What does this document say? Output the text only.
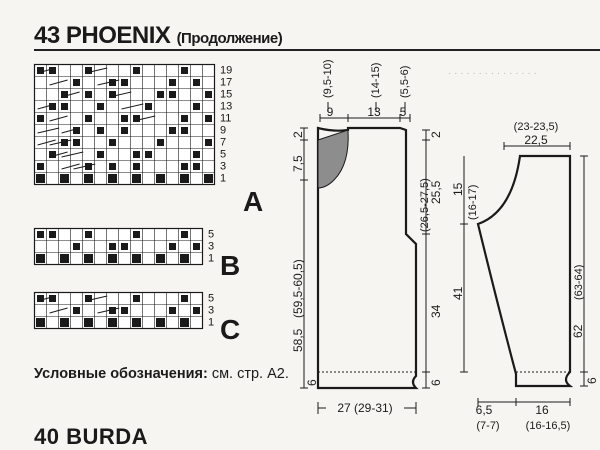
· · · · · · · · · · · · · · ·
43 PHOENIX (Продолжение)
19
17
15
13
11
9
7
5
3
1
A
5
3
1 B
5
3
1 C
Условные обозначения: см. стр. А2.
(9,5-10)
9
(14-15)
13
(5,5-6)
5
2
7,5
(59,5-60,5)
58,5
2
(26,5-27,5)
25,5
34
6
6
27 (29-31)
(23-23,5)
22,5
15 (16-17)
41	(63-64)
62
6
6,5
(7-7)
16
(16-16,5)
40 BURDA
